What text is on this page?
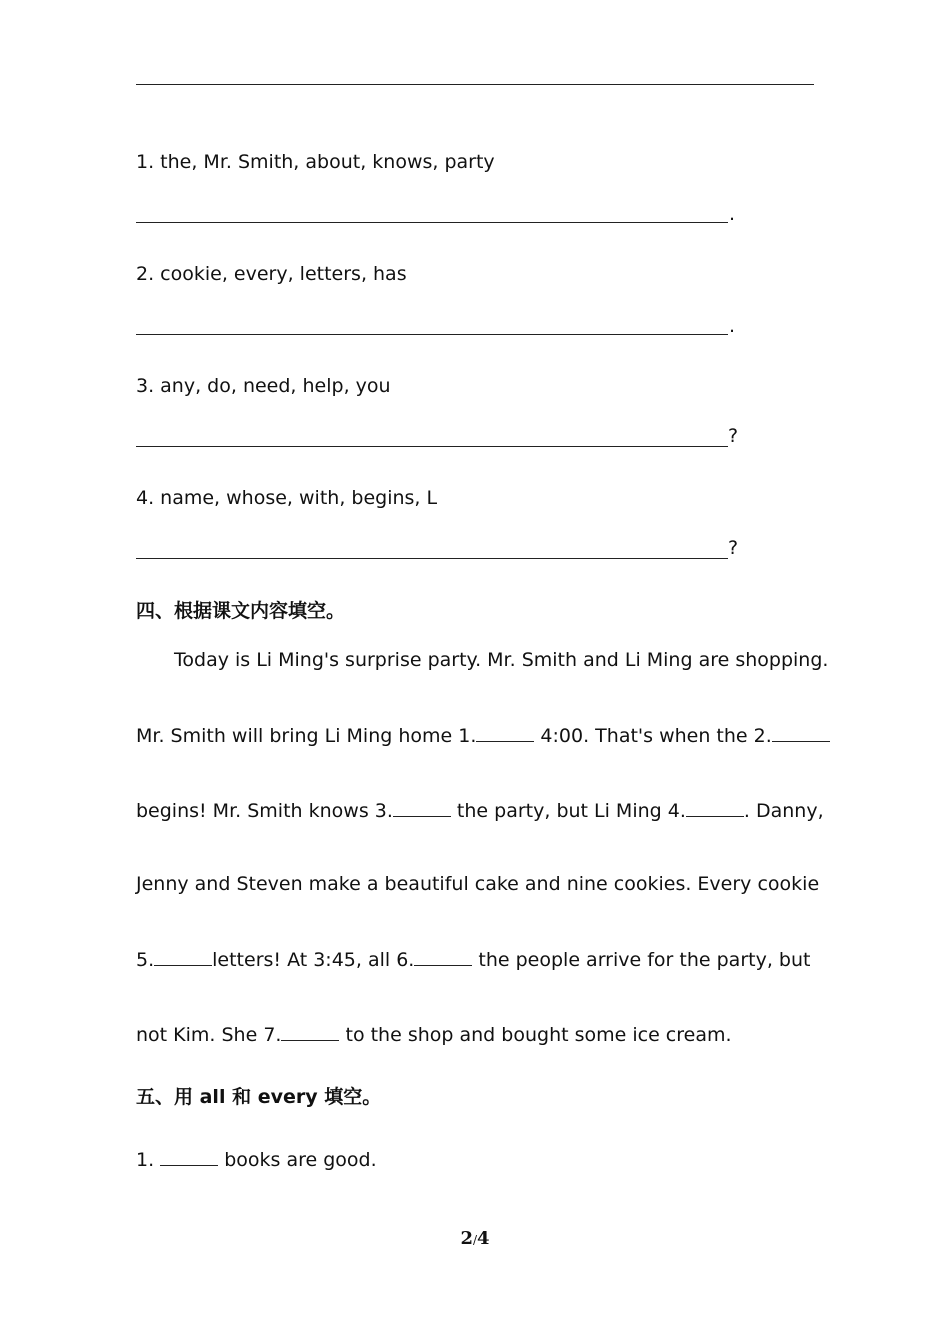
1. the, Mr. Smith, about, knows, party
.
2. cookie, every, letters, has
.
3. any, do, need, help, you
?
4. name, whose, with, begins, L
?
四、根据课文内容填空。
Today is Li Ming's surprise party. Mr. Smith and Li Ming are shopping.
Mr. Smith will bring Li Ming home 1.	4:00. That's when the 2.
begins! Mr. Smith knows 3.	the party, but Li Ming 4.	. Danny,
Jenny and Steven make a beautiful cake and nine cookies. Every cookie
5.	letters! At 3:45, all 6.	the people arrive for the party, but
not Kim. She 7.	to the shop and bought some ice cream.
五、用 all 和 every 填空。
1.	books are good.
2/4
